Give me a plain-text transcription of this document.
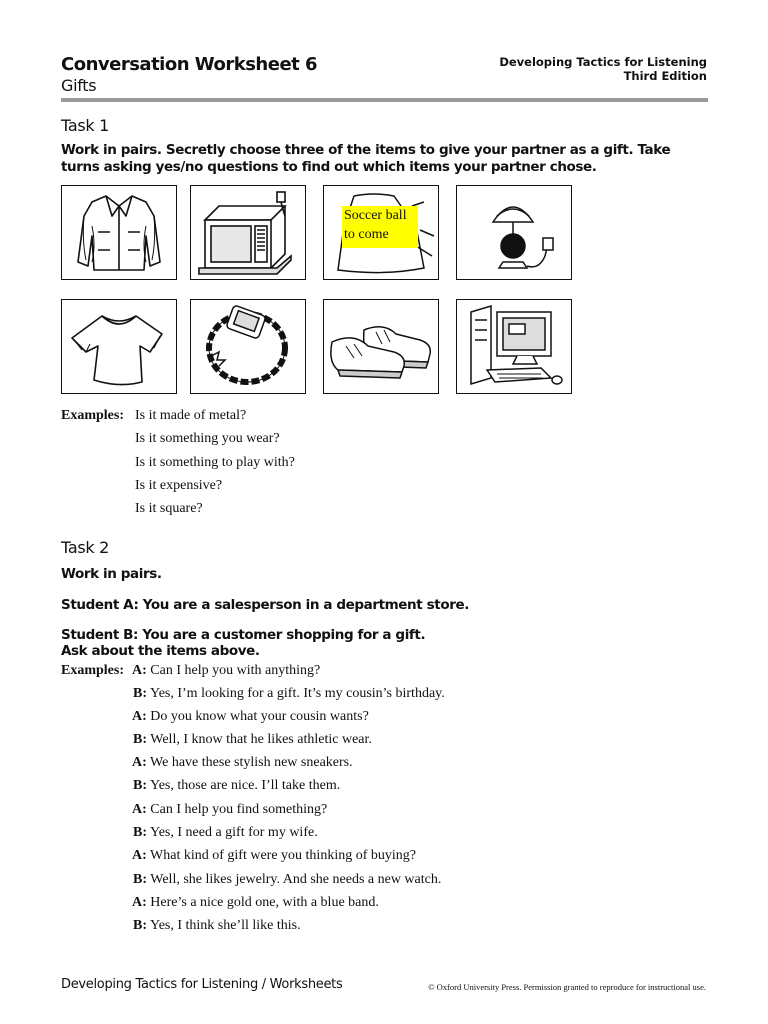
Conversation Worksheet 6
Gifts
Developing Tactics for Listening
Third Edition
Task 1
Work in pairs. Secretly choose three of the items to give your partner as a gift. Take turns asking yes/no questions to find out which items your partner chose.
Soccer ball to come
Examples: Is it made of metal?
Is it something you wear?
Is it something to play with?
Is it expensive?
Is it square?
Task 2
Work in pairs.
Student A: You are a salesperson in a department store.
Student B: You are a customer shopping for a gift.
Ask about the items above.
Examples: A: Can I help you with anything?
B: Yes, I’m looking for a gift. It’s my cousin’s birthday.
A: Do you know what your cousin wants?
B: Well, I know that he likes athletic wear.
A: We have these stylish new sneakers.
B: Yes, those are nice. I’ll take them.
A: Can I help you find something?
B: Yes, I need a gift for my wife.
A: What kind of gift were you thinking of buying?
B: Well, she likes jewelry. And she needs a new watch.
A: Here’s a nice gold one, with a blue band.
B: Yes, I think she’ll like this.
Developing Tactics for Listening / Worksheets	© Oxford University Press. Permission granted to reproduce for instructional use.
